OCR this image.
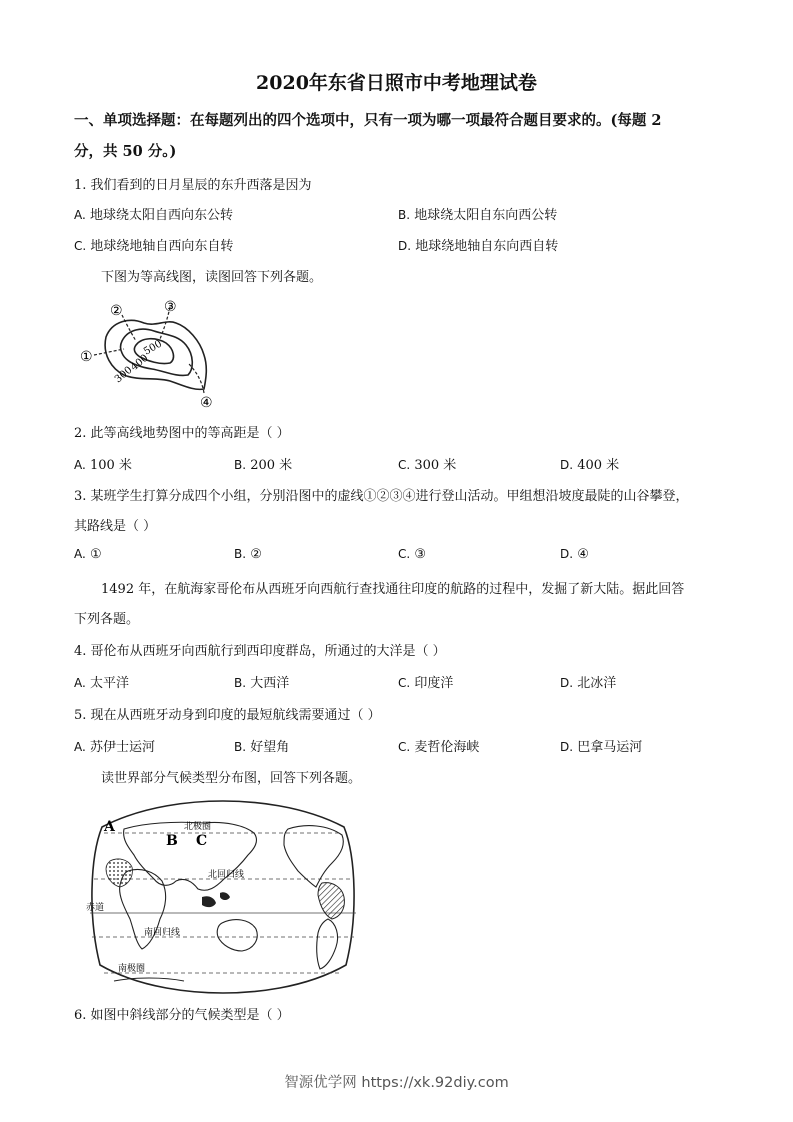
2020年东省日照市中考地理试卷
一、单项选择题：在每题列出的四个选项中，只有一项为哪一项最符合题目要求的。(每题 2
分，共 50 分。)
1. 我们看到的日月星辰的东升西落是因为
A. 地球绕太阳自西向东公转	B. 地球绕太阳自东向西公转
C. 地球绕地轴自西向东自转	D. 地球绕地轴自东向西自转
下图为等高线图，读图回答下列各题。
①
②	③
④
500
400
300
2. 此等高线地势图中的等高距是（ ）
A. 100 米	B. 200 米	C. 300 米	D. 400 米
3. 某班学生打算分成四个小组，分别沿图中的虚线①②③④进行登山活动。甲组想沿坡度最陡的山谷攀登，
其路线是（ ）
A. ①	B. ②	C. ③	D. ④
1492 年，在航海家哥伦布从西班牙向西航行查找通往印度的航路的过程中，发掘了新大陆。据此回答
下列各题。
4. 哥伦布从西班牙向西航行到西印度群岛，所通过的大洋是（ ）
A. 太平洋	B. 大西洋	C. 印度洋	D. 北冰洋
5. 现在从西班牙动身到印度的最短航线需要通过（ ）
A. 苏伊士运河	B. 好望角	C. 麦哲伦海峡	D. 巴拿马运河
读世界部分气候类型分布图，回答下列各题。
A
B C
北极圈
北回归线
赤道
南回归线
南极圈
6. 如图中斜线部分的气候类型是（ ）
智源优学网 https://xk.92diy.com
